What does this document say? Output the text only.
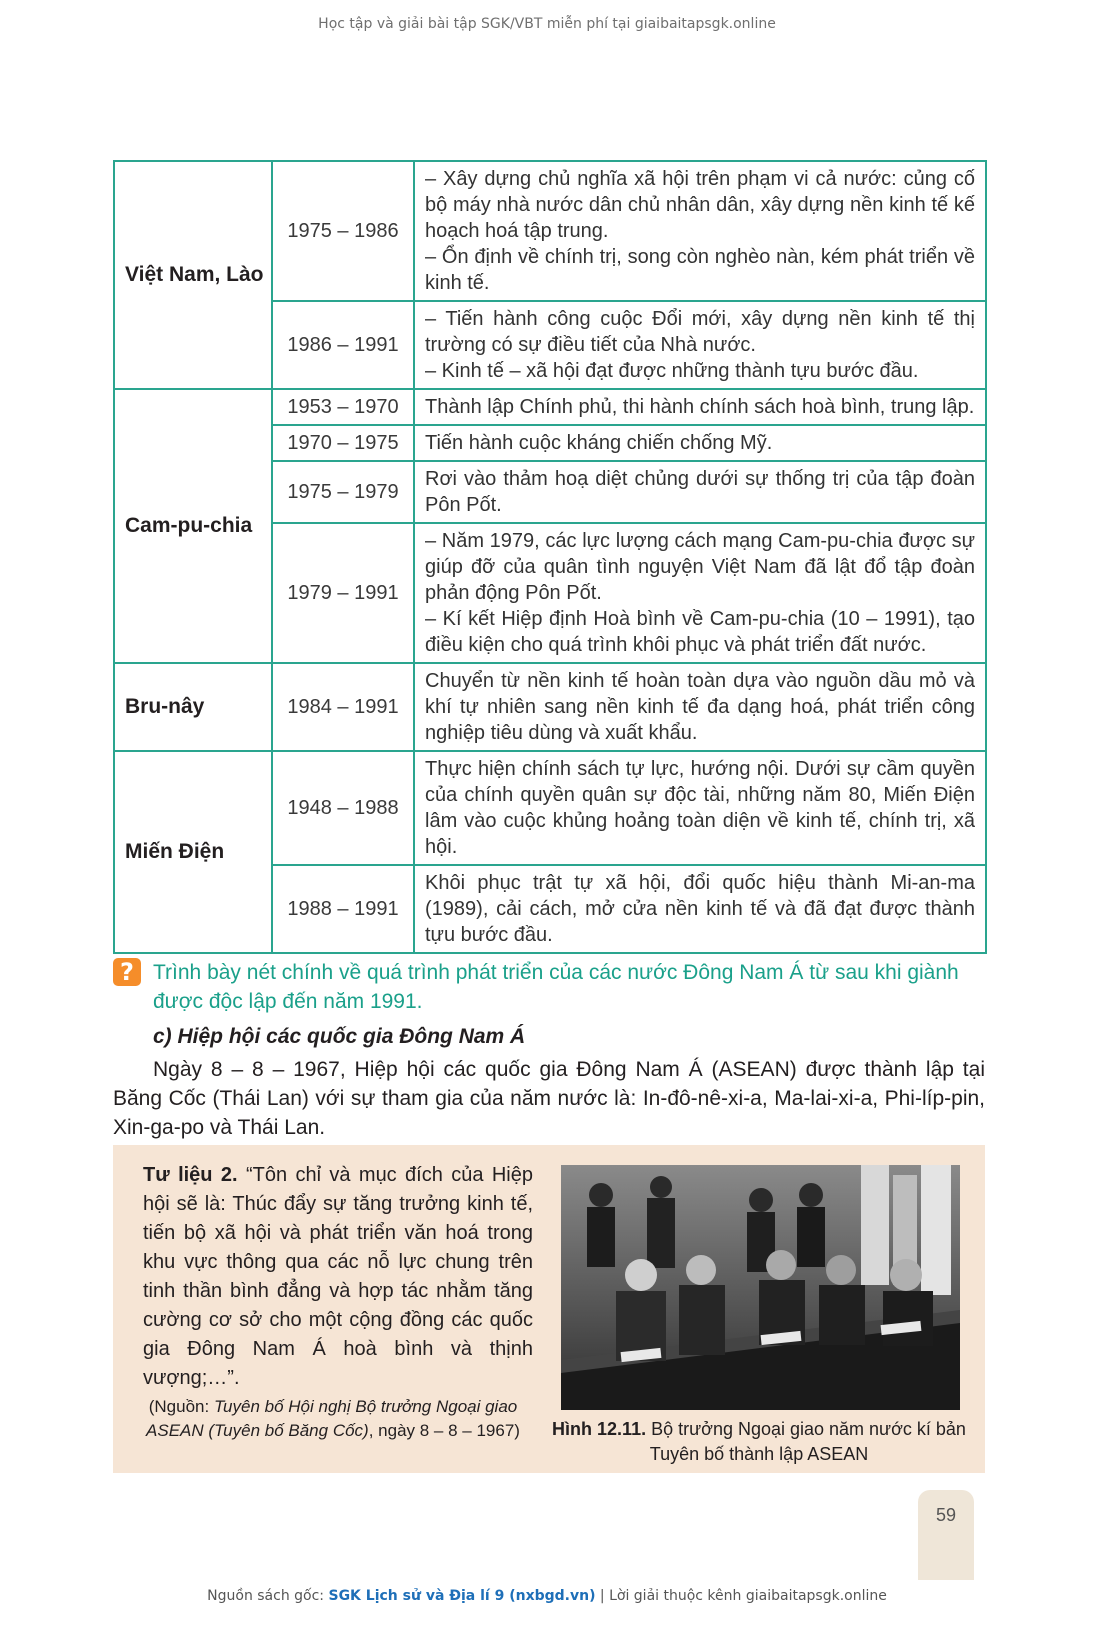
Học tập và giải bài tập SGK/VBT miễn phí tại giaibaitapsgk.online
Việt Nam, Lào	1975 – 1986	– Xây dựng chủ nghĩa xã hội trên phạm vi cả nước: củng cố bộ máy nhà nước dân chủ nhân dân, xây dựng nền kinh tế kế hoạch hoá tập trung.

– Ổn định về chính trị, song còn nghèo nàn, kém phát triển về kinh tế.

	1986 – 1991	– Tiến hành công cuộc Đổi mới, xây dựng nền kinh tế thị trường có sự điều tiết của Nhà nước.

– Kinh tế – xã hội đạt được những thành tựu bước đầu.

Cam-pu-chia	1953 – 1970	Thành lập Chính phủ, thi hành chính sách hoà bình, trung lập.

	1970 – 1975	Tiến hành cuộc kháng chiến chống Mỹ.

	1975 – 1979	Rơi vào thảm hoạ diệt chủng dưới sự thống trị của tập đoàn Pôn Pốt.

	1979 – 1991	– Năm 1979, các lực lượng cách mạng Cam-pu-chia được sự giúp đỡ của quân tình nguyện Việt Nam đã lật đổ tập đoàn phản động Pôn Pốt.

– Kí kết Hiệp định Hoà bình về Cam-pu-chia (10 – 1991), tạo điều kiện cho quá trình khôi phục và phát triển đất nước.

Bru-nây	1984 – 1991	Chuyển từ nền kinh tế hoàn toàn dựa vào nguồn dầu mỏ và khí tự nhiên sang nền kinh tế đa dạng hoá, phát triển công nghiệp tiêu dùng và xuất khẩu.

Miến Điện	1948 – 1988	Thực hiện chính sách tự lực, hướng nội. Dưới sự cầm quyền của chính quyền quân sự độc tài, những năm 80, Miến Điện lâm vào cuộc khủng hoảng toàn diện về kinh tế, chính trị, xã hội.

	1988 – 1991	Khôi phục trật tự xã hội, đổi quốc hiệu thành Mi-an-ma (1989), cải cách, mở cửa nền kinh tế và đã đạt được thành tựu bước đầu.

? Trình bày nét chính về quá trình phát triển của các nước Đông Nam Á từ sau khi giành được độc lập đến năm 1991.
c) Hiệp hội các quốc gia Đông Nam Á
Ngày 8 – 8 – 1967, Hiệp hội các quốc gia Đông Nam Á (ASEAN) được thành lập tại Băng Cốc (Thái Lan) với sự tham gia của năm nước là: In-đô-nê-xi-a, Ma-lai-xi-a, Phi-líp-pin, Xin-ga-po và Thái Lan.
Tư liệu 2. “Tôn chỉ và mục đích của Hiệp hội sẽ là: Thúc đẩy sự tăng trưởng kinh tế, tiến bộ xã hội và phát triển văn hoá trong khu vực thông qua các nỗ lực chung trên tinh thần bình đẳng và hợp tác nhằm tăng cường cơ sở cho một cộng đồng các quốc gia Đông Nam Á hoà bình và thịnh vượng;…”.
(Nguồn: Tuyên bố Hội nghị Bộ trưởng Ngoại giao ASEAN (Tuyên bố Băng Cốc), ngày 8 – 8 – 1967)	Hình 12.11. Bộ trưởng Ngoại giao năm nước kí bản Tuyên bố thành lập ASEAN
59
Nguồn sách gốc: SGK Lịch sử và Địa lí 9 (nxbgd.vn) | Lời giải thuộc kênh giaibaitapsgk.online
